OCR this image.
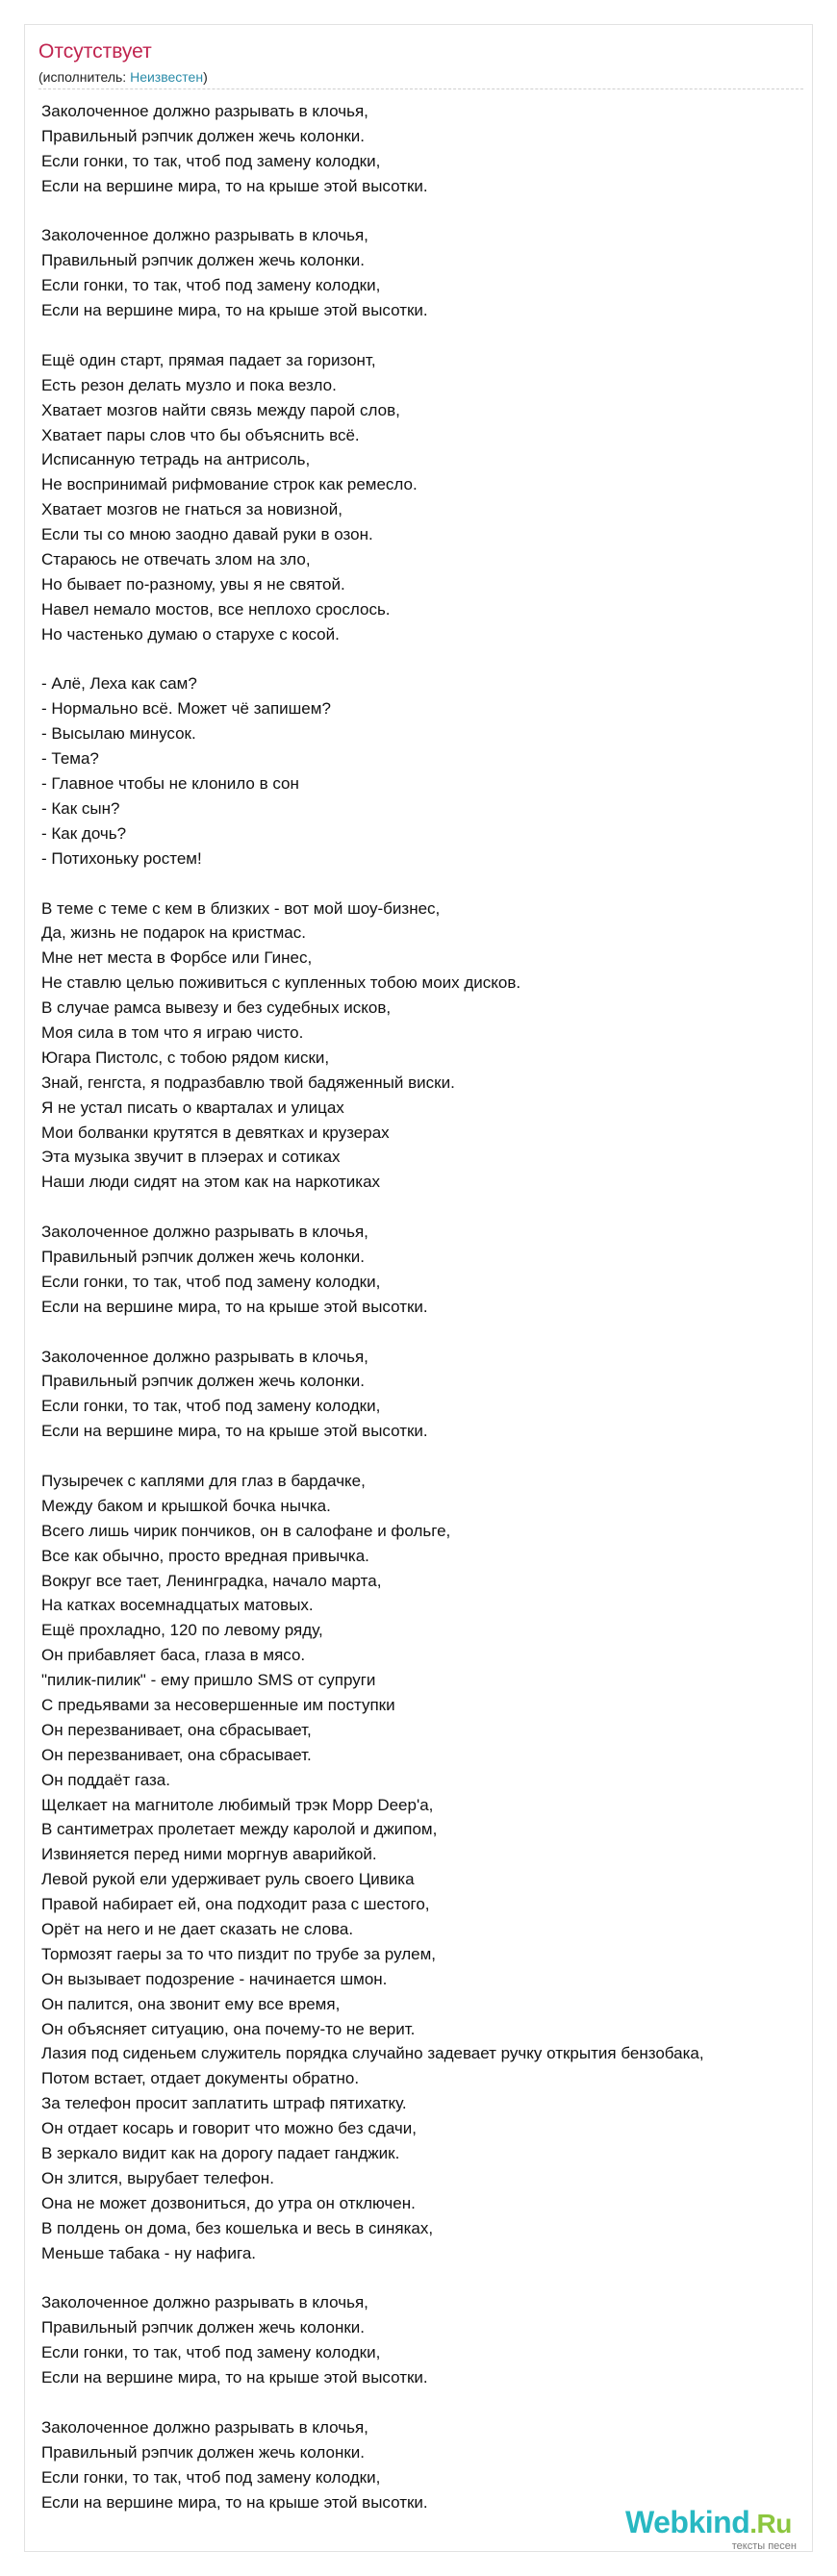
Отсутствует
(исполнитель: Неизвестен)
Заколоченное должно разрывать в клочья,
Правильный рэпчик должен жечь колонки.
Если гонки, то так, чтоб под замену колодки,
Если на вершине мира, то на крыше этой высотки.
Заколоченное должно разрывать в клочья,
Правильный рэпчик должен жечь колонки.
Если гонки, то так, чтоб под замену колодки,
Если на вершине мира, то на крыше этой высотки.
Ещё один старт, прямая падает за горизонт,
Есть резон делать музло и пока везло.
Хватает мозгов найти связь между парой слов,
Хватает пары слов что бы объяснить всё.
Исписанную тетрадь на антрисоль,
Не воспринимай рифмование строк как ремесло.
Хватает мозгов не гнаться за новизной,
Если ты со мною заодно давай руки в озон.
Стараюсь не отвечать злом на зло,
Но бывает по-разному, увы я не святой.
Навел немало мостов, все неплохо срослось.
Но частенько думаю о старухе с косой.
- Алё, Леха как сам?
- Нормально всё. Может чё запишем?
- Высылаю минусок.
- Тема?
- Главное чтобы не клонило в сон
- Как сын?
- Как дочь?
- Потихоньку ростем!
В теме с теме с кем в близких - вот мой шоу-бизнес,
Да, жизнь не подарок на кристмас.
Мне нет места в Форбсе или Гинес,
Не ставлю целью поживиться с купленных тобою моих дисков.
В случае рамса вывезу и без судебных исков,
Моя сила в том что я играю чисто.
Югара Пистолс, с тобою рядом киски,
Знай, генгста, я подразбавлю твой бадяженный виски.
Я не устал писать о кварталах и улицах
Мои болванки крутятся в девятках и крузерах
Эта музыка звучит в плэерах и сотиках
Наши люди сидят на этом как на наркотиках
Заколоченное должно разрывать в клочья,
Правильный рэпчик должен жечь колонки.
Если гонки, то так, чтоб под замену колодки,
Если на вершине мира, то на крыше этой высотки.
Заколоченное должно разрывать в клочья,
Правильный рэпчик должен жечь колонки.
Если гонки, то так, чтоб под замену колодки,
Если на вершине мира, то на крыше этой высотки.
Пузыречек с каплями для глаз в бардачке,
Между баком и крышкой бочка нычка.
Всего лишь чирик пончиков, он в салофане и фольге,
Все как обычно, просто вредная привычка.
Вокруг все тает, Ленинградка, начало марта,
На катках восемнадцатых матовых.
Ещё прохладно, 120 по левому ряду,
Он прибавляет баса, глаза в мясо.
"пилик-пилик" - ему пришло SMS от супруги
С предьявами за несовершенные им поступки
Он перезванивает, она сбрасывает,
Он перезванивает, она сбрасывает.
Он поддаёт газа.
Щелкает на магнитоле любимый трэк Mopp Deep'a,
В сантиметрах пролетает между каролой и джипом,
Извиняется перед ними моргнув аварийкой.
Левой рукой ели удерживает руль своего Цивика
Правой набирает ей, она подходит раза с шестого,
Орёт на него и не дает сказать не слова.
Тормозят гаеры за то что пиздит по трубе за рулем,
Он вызывает подозрение - начинается шмон.
Он палится, она звонит ему все время,
Он объясняет ситуацию, она почему-то не верит.
Лазия под сиденьем служитель порядка случайно задевает ручку открытия бензобака,
Потом встает, отдает документы обратно.
За телефон просит заплатить штраф пятихатку.
Он отдает косарь и говорит что можно без сдачи,
В зеркало видит как на дорогу падает ганджик.
Он злится, вырубает телефон.
Она не может дозвониться, до утра он отключен.
В полдень он дома, без кошелька и весь в синяках,
Меньше табака - ну нафига.
Заколоченное должно разрывать в клочья,
Правильный рэпчик должен жечь колонки.
Если гонки, то так, чтоб под замену колодки,
Если на вершине мира, то на крыше этой высотки.
Заколоченное должно разрывать в клочья,
Правильный рэпчик должен жечь колонки.
Если гонки, то так, чтоб под замену колодки,
Если на вершине мира, то на крыше этой высотки.
Webkind.Ru
тексты песен
